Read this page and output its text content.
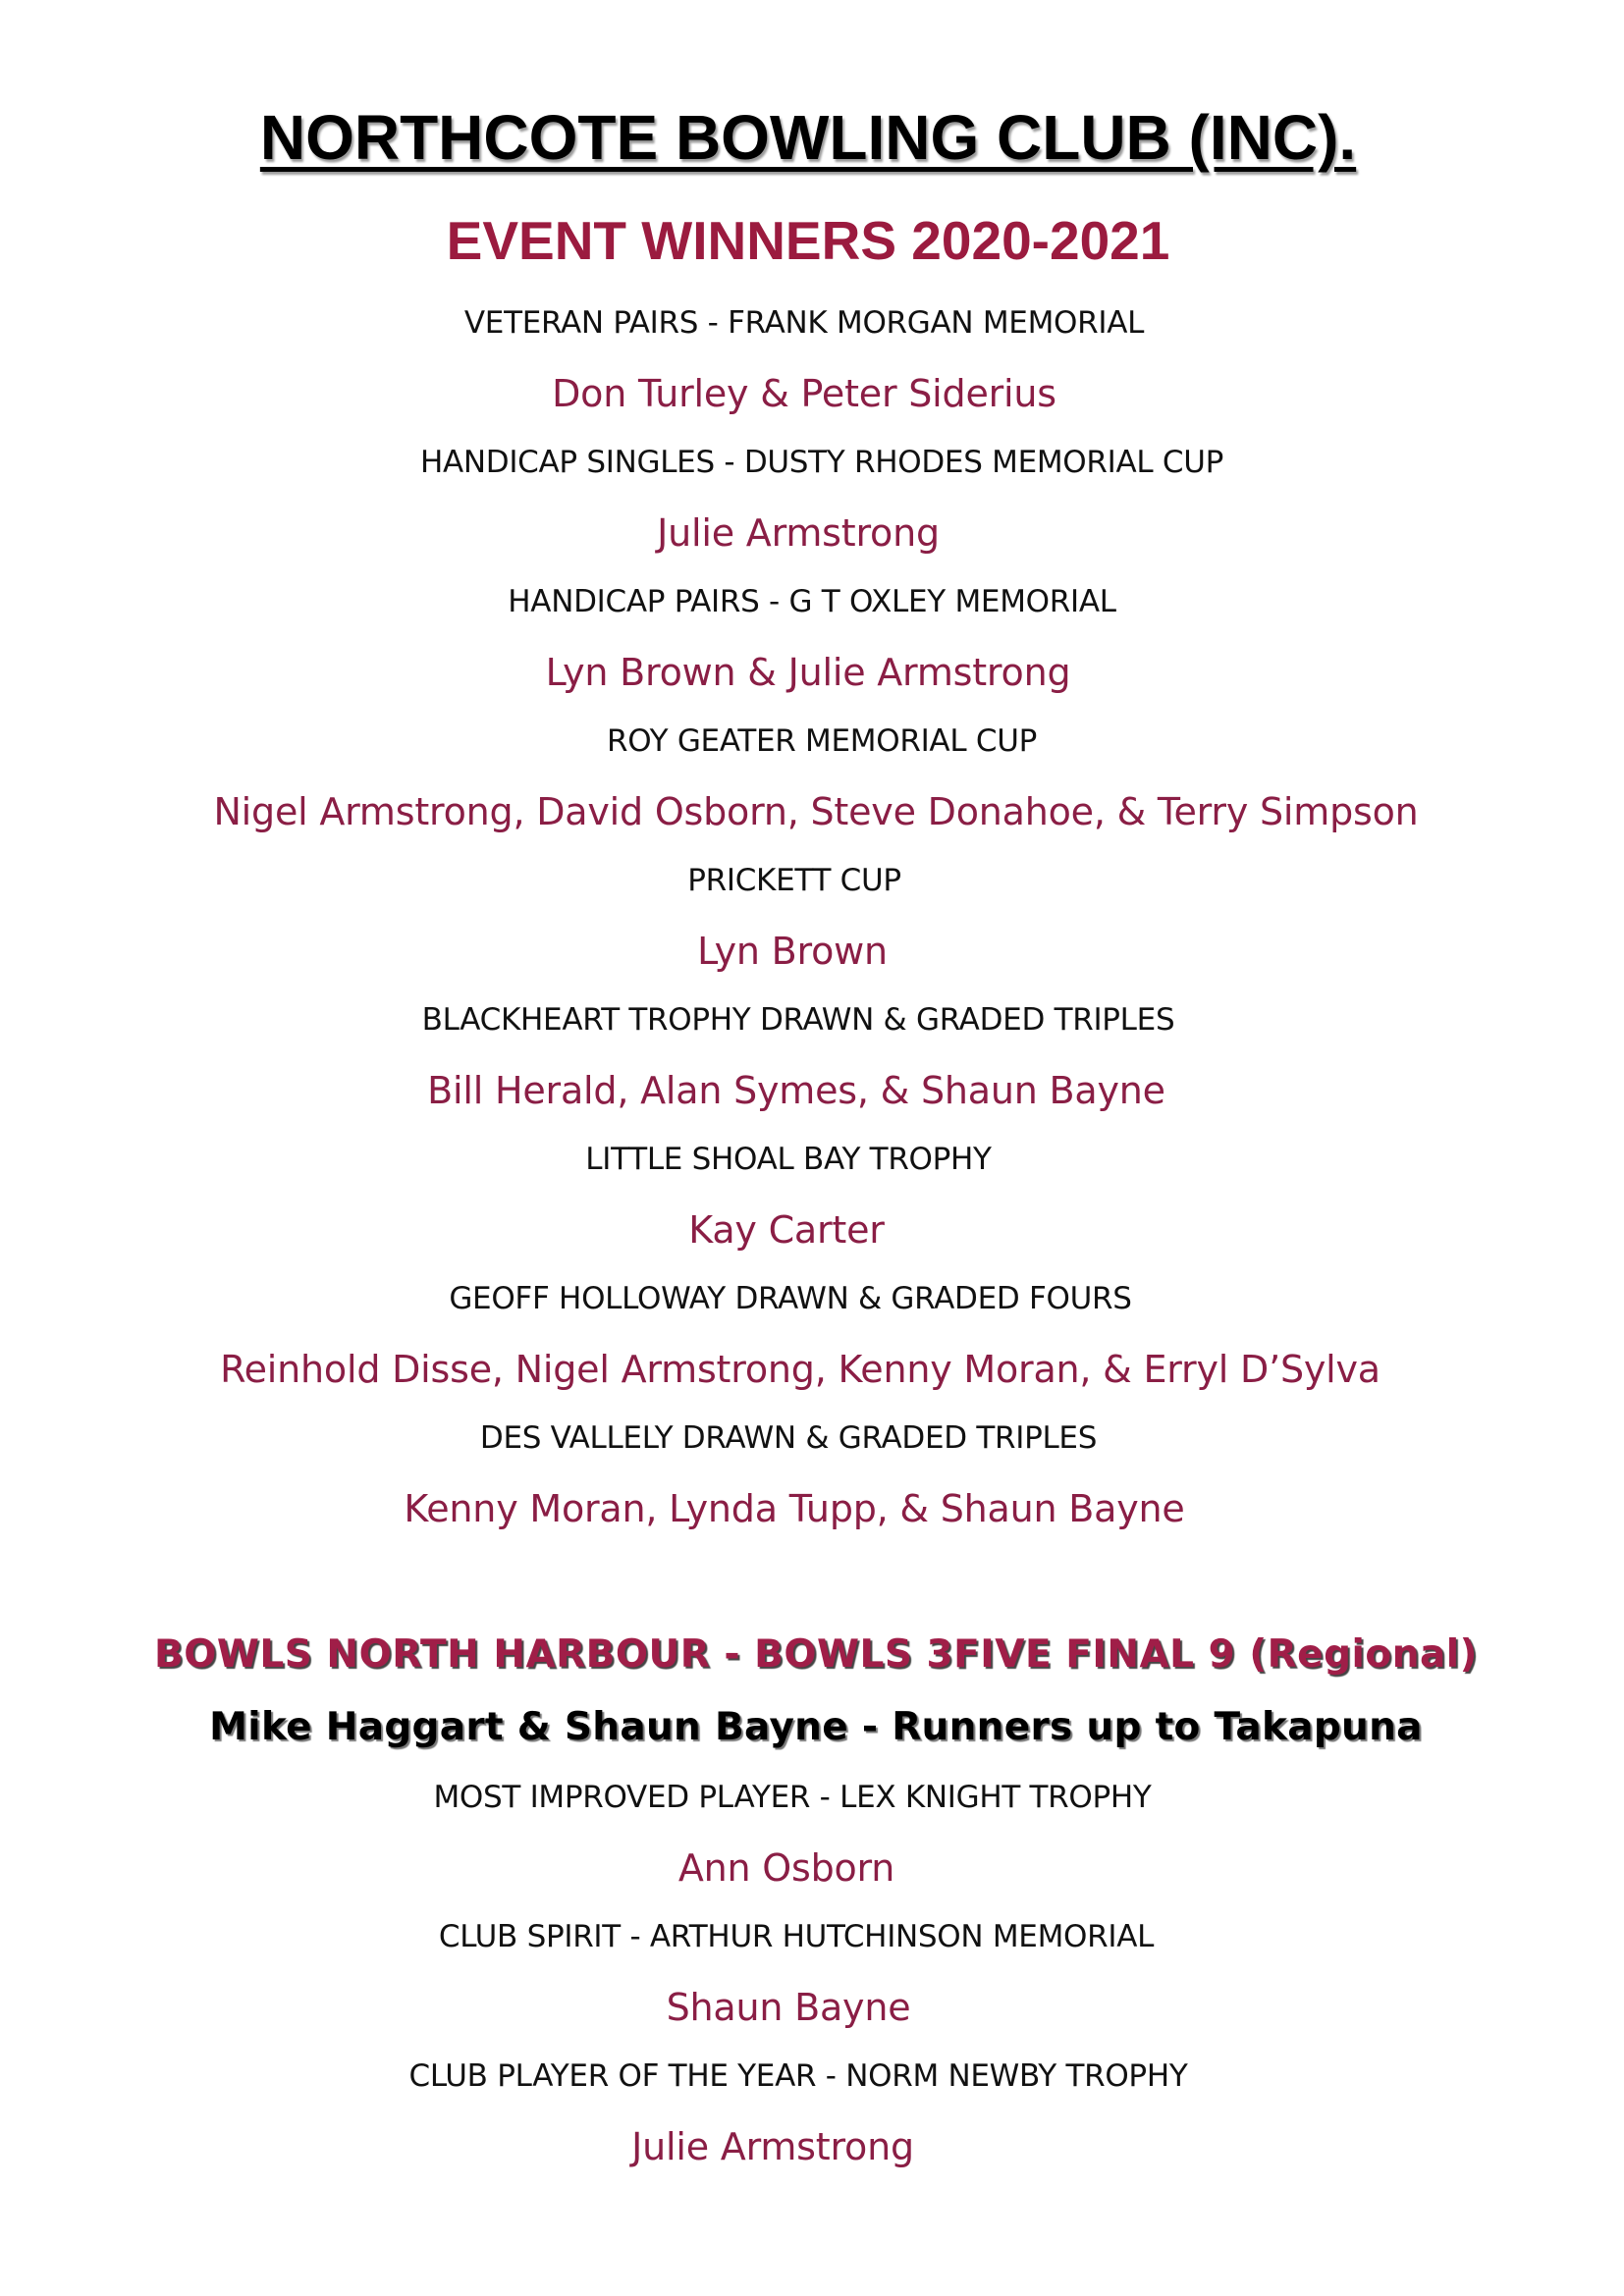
NORTHCOTE BOWLING CLUB (INC).
EVENT WINNERS 2020-2021
VETERAN PAIRS - FRANK MORGAN MEMORIAL
Don Turley & Peter Siderius
HANDICAP SINGLES - DUSTY RHODES MEMORIAL CUP
Julie Armstrong
HANDICAP PAIRS - G T OXLEY MEMORIAL
Lyn Brown & Julie Armstrong
ROY GEATER MEMORIAL CUP
Nigel Armstrong, David Osborn, Steve Donahoe, & Terry Simpson
PRICKETT CUP
Lyn Brown
BLACKHEART TROPHY DRAWN & GRADED TRIPLES
Bill Herald, Alan Symes, & Shaun Bayne
LITTLE SHOAL BAY TROPHY
Kay Carter
GEOFF HOLLOWAY DRAWN & GRADED FOURS
Reinhold Disse, Nigel Armstrong, Kenny Moran, & Erryl D’Sylva
DES VALLELY DRAWN & GRADED TRIPLES
Kenny Moran, Lynda Tupp, & Shaun Bayne
BOWLS NORTH HARBOUR - BOWLS 3FIVE FINAL 9 (Regional)
Mike Haggart & Shaun Bayne - Runners up to Takapuna
MOST IMPROVED PLAYER - LEX KNIGHT TROPHY
Ann Osborn
CLUB SPIRIT - ARTHUR HUTCHINSON MEMORIAL
Shaun Bayne
CLUB PLAYER OF THE YEAR - NORM NEWBY TROPHY
Julie Armstrong
